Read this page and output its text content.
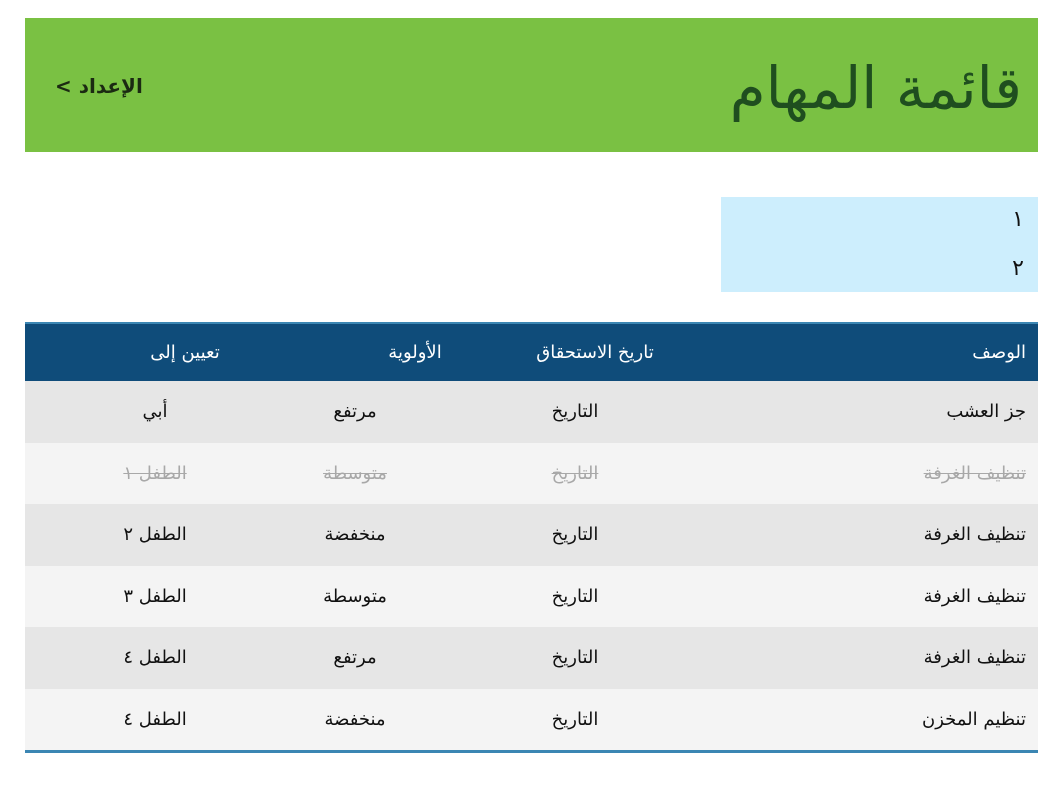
قائمة المهام
الإعداد >
١
٢
الوصف
تاريخ الاستحقاق
الأولوية
تعيين إلى
جز العشب
التاريخ
مرتفع
أبي
تنظيف الغرفة
التاريخ
متوسطة
الطفل ١
تنظيف الغرفة
التاريخ
منخفضة
الطفل ٢
تنظيف الغرفة
التاريخ
متوسطة
الطفل ٣
تنظيف الغرفة
التاريخ
مرتفع
الطفل ٤
تنظيم المخزن
التاريخ
منخفضة
الطفل ٤
